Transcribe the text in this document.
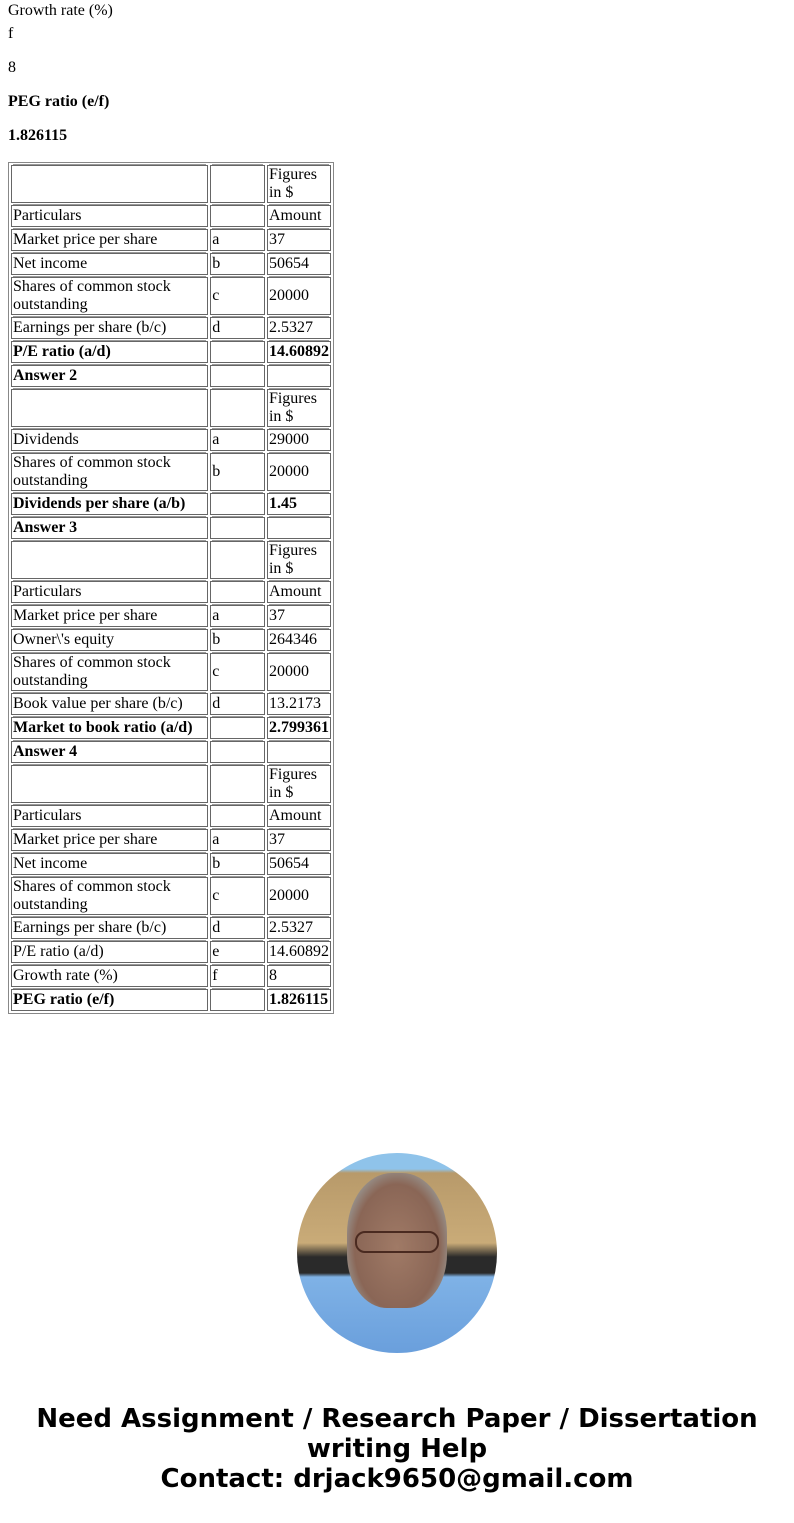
Growth rate (%)

f

8

PEG ratio (e/f)

1.826115

		Figures in $
Particulars		Amount
Market price per share	a	37
Net income	b	50654
Shares of common stock outstanding	c	20000
Earnings per share (b/c)	d	2.5327
P/E ratio (a/d)		14.60892
Answer 2		
		Figures in $
Dividends	a	29000
Shares of common stock outstanding	b	20000
Dividends per share (a/b)		1.45
Answer 3		
		Figures in $
Particulars		Amount
Market price per share	a	37
Owner\'s equity	b	264346
Shares of common stock outstanding	c	20000
Book value per share (b/c)	d	13.2173
Market to book ratio (a/d)		2.799361
Answer 4		
		Figures in $
Particulars		Amount
Market price per share	a	37
Net income	b	50654
Shares of common stock outstanding	c	20000
Earnings per share (b/c)	d	2.5327
P/E ratio (a/d)	e	14.60892
Growth rate (%)	f	8
PEG ratio (e/f)		1.826115
Need Assignment / Research Paper / Dissertation writing Help
Contact: drjack9650@gmail.com
